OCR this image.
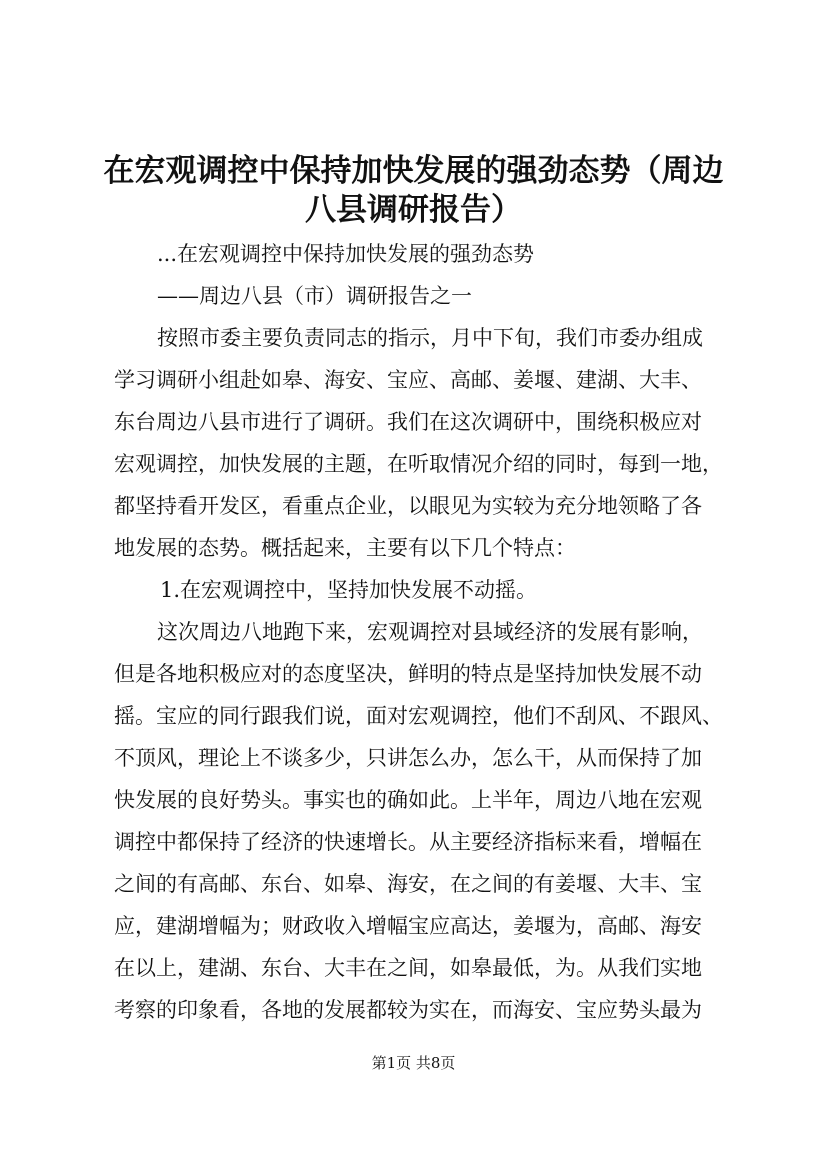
在宏观调控中保持加快发展的强劲态势（周边
八县调研报告）
...在宏观调控中保持加快发展的强劲态势
——周边八县（市）调研报告之一
按照市委主要负责同志的指示，月中下旬，我们市委办组成
学习调研小组赴如皋、海安、宝应、高邮、姜堰、建湖、大丰、
东台周边八县市进行了调研。我们在这次调研中，围绕积极应对
宏观调控，加快发展的主题，在听取情况介绍的同时，每到一地，
都坚持看开发区，看重点企业，以眼见为实较为充分地领略了各
地发展的态势。概括起来，主要有以下几个特点：
1.在宏观调控中，坚持加快发展不动摇。
这次周边八地跑下来，宏观调控对县域经济的发展有影响，
但是各地积极应对的态度坚决，鲜明的特点是坚持加快发展不动
摇。宝应的同行跟我们说，面对宏观调控，他们不刮风、不跟风、
不顶风，理论上不谈多少，只讲怎么办，怎么干，从而保持了加
快发展的良好势头。事实也的确如此。上半年，周边八地在宏观
调控中都保持了经济的快速增长。从主要经济指标来看，增幅在
之间的有高邮、东台、如皋、海安，在之间的有姜堰、大丰、宝
应，建湖增幅为；财政收入增幅宝应高达，姜堰为，高邮、海安
在以上，建湖、东台、大丰在之间，如皋最低，为。从我们实地
考察的印象看，各地的发展都较为实在，而海安、宝应势头最为
第1页 共8页
